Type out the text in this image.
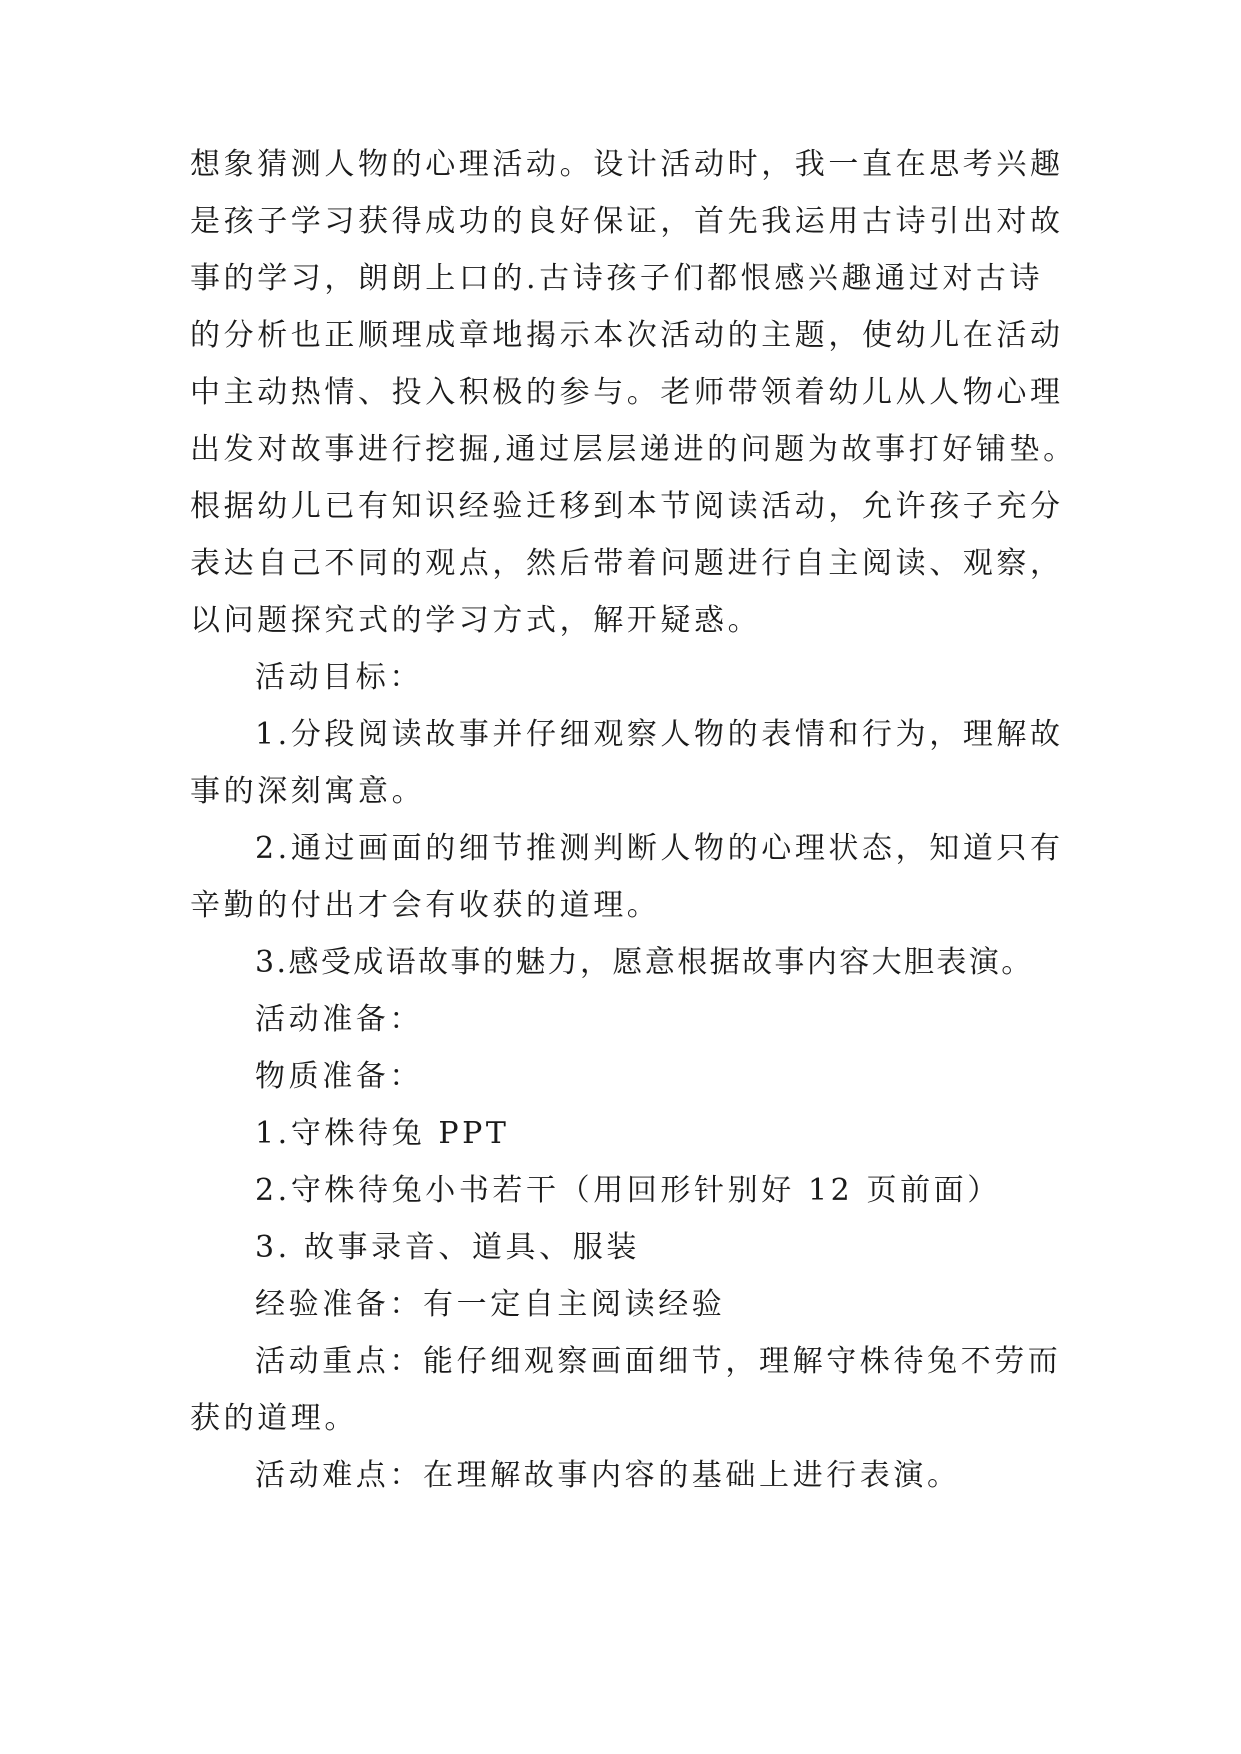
想象猜测人物的心理活动。设计活动时，我一直在思考兴趣
是孩子学习获得成功的良好保证，首先我运用古诗引出对故
事的学习，朗朗上口的.古诗孩子们都恨感兴趣通过对古诗
的分析也正顺理成章地揭示本次活动的主题，使幼儿在活动
中主动热情、投入积极的参与。老师带领着幼儿从人物心理
出发对故事进行挖掘,通过层层递进的问题为故事打好铺垫。
根据幼儿已有知识经验迁移到本节阅读活动，允许孩子充分
表达自己不同的观点，然后带着问题进行自主阅读、观察，
以问题探究式的学习方式，解开疑惑。
活动目标：
1.分段阅读故事并仔细观察人物的表情和行为，理解故
事的深刻寓意。
2.通过画面的细节推测判断人物的心理状态，知道只有
辛勤的付出才会有收获的道理。
3.感受成语故事的魅力，愿意根据故事内容大胆表演。
活动准备：
物质准备：
1.守株待兔 PPT
2.守株待兔小书若干（用回形针别好 12 页前面）
3. 故事录音、道具、服装
经验准备：有一定自主阅读经验
活动重点：能仔细观察画面细节，理解守株待兔不劳而
获的道理。
活动难点：在理解故事内容的基础上进行表演。
